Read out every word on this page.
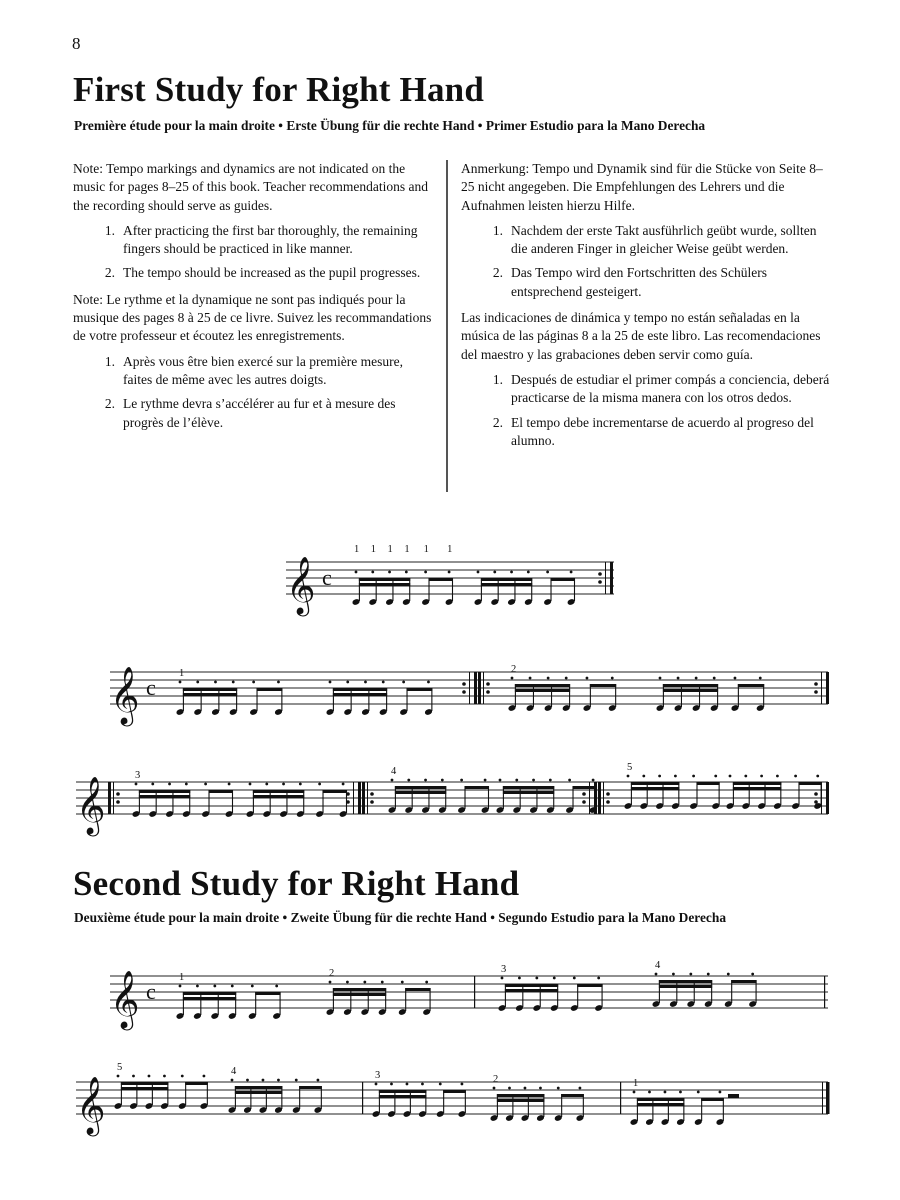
8
First Study for Right Hand
Première étude pour la main droite • Erste Übung für die rechte Hand • Primer Estudio para la Mano Derecha

Note: Tempo markings and dynamics are not indicated on the music for pages 8–25 of this book. Teacher recommendations and the recording should serve as guides.

1. After practicing the first bar thoroughly, the remaining fingers should be practiced in like manner.
2. The tempo should be increased as the pupil progresses.

Note: Le rythme et la dynamique ne sont pas indiqués pour la musique des pages 8 à 25 de ce livre. Suivez les recommandations de votre professeur et écoutez les enregistrements.

1. Après vous être bien exercé sur la première mesure, faites de même avec les autres doigts.
2. Le rythme devra s’accélérer au fur et à mesure des progrès de l’élève.

Anmerkung: Tempo und Dynamik sind für die Stücke von Seite 8–25 nicht angegeben. Die Empfehlungen des Lehrers und die Aufnahmen leisten hierzu Hilfe.

1. Nachdem der erste Takt ausführlich geübt wurde, sollten die anderen Finger in gleicher Weise geübt werden.
2. Das Tempo wird den Fortschritten des Schülers entsprechend gesteigert.

Las indicaciones de dinámica y tempo no están señaladas en la música de las páginas 8 a la 25 de este libro. Las recomendaciones del maestro y las grabaciones deben servir como guía.

1. Después de estudiar el primer compás a conciencia, deberá practicarse de la misma manera con los otros dedos.
2. El tempo debe incrementarse de acuerdo al progreso del alumno.
𝄞 c
1 1 1 1 1 1
𝄞 c
1	2
𝄞
3	4	5
Second Study for Right Hand
Deuxième étude pour la main droite • Zweite Übung für die rechte Hand • Segundo Estudio para la Mano Derecha
𝄞 c
1	2	3	4
𝄞
5	4	3	2	1
